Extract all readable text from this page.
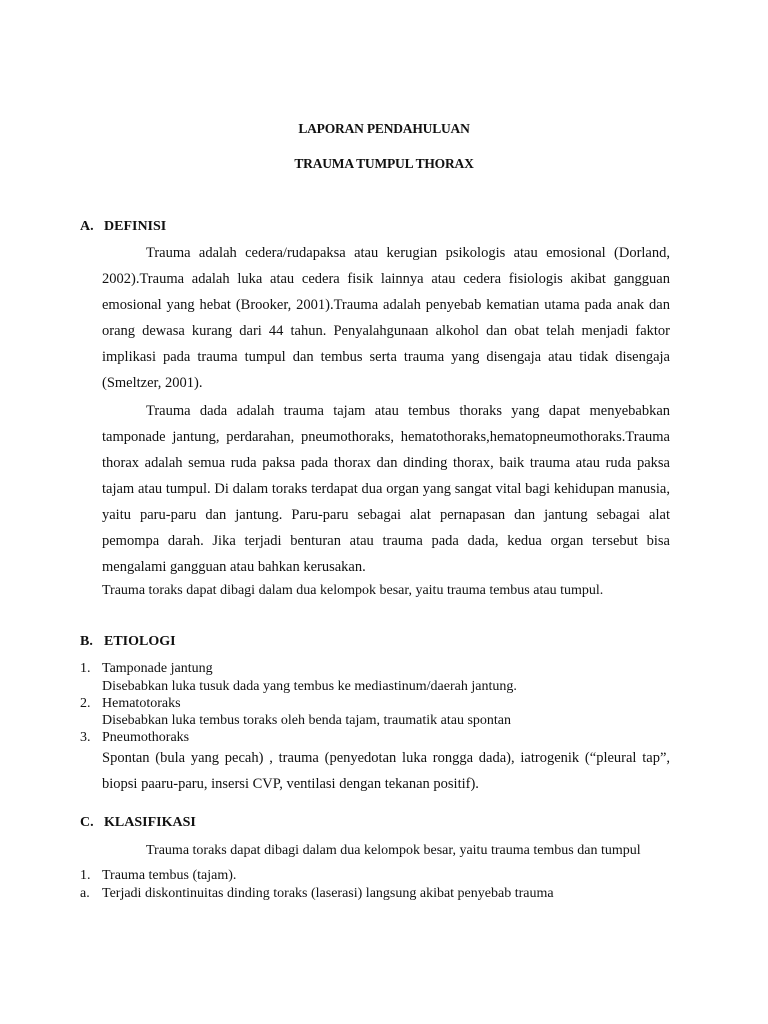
LAPORAN PENDAHULUAN
TRAUMA TUMPUL THORAX
A. DEFINISI
Trauma adalah cedera/rudapaksa atau kerugian psikologis atau emosional (Dorland, 2002).Trauma adalah luka atau cedera fisik lainnya atau cedera fisiologis akibat gangguan emosional yang hebat (Brooker, 2001).Trauma adalah penyebab kematian utama pada anak dan orang dewasa kurang dari 44 tahun. Penyalahgunaan alkohol dan obat telah menjadi faktor implikasi pada trauma tumpul dan tembus serta trauma yang disengaja atau tidak disengaja (Smeltzer, 2001).
Trauma dada adalah trauma tajam atau tembus thoraks yang dapat menyebabkan tamponade jantung, perdarahan, pneumothoraks, hematothoraks,hematopneumothoraks.Trauma thorax adalah semua ruda paksa pada thorax dan dinding thorax, baik trauma atau ruda paksa tajam atau tumpul. Di dalam toraks terdapat dua organ yang sangat vital bagi kehidupan manusia, yaitu paru-paru dan jantung. Paru-paru sebagai alat pernapasan dan jantung sebagai alat pemompa darah. Jika terjadi benturan atau trauma pada dada, kedua organ tersebut bisa mengalami gangguan atau bahkan kerusakan.
Trauma toraks dapat dibagi dalam dua kelompok besar, yaitu trauma tembus atau tumpul.
B. ETIOLOGI
1. Tamponade jantung
Disebabkan luka tusuk dada yang tembus ke mediastinum/daerah jantung.
2. Hematotoraks
Disebabkan luka tembus toraks oleh benda tajam, traumatik atau spontan
3. Pneumothoraks
Spontan (bula yang pecah) , trauma (penyedotan luka rongga dada), iatrogenik (“pleural tap”, biopsi paaru-paru, insersi CVP, ventilasi dengan tekanan positif).
C. KLASIFIKASI
Trauma toraks dapat dibagi dalam dua kelompok besar, yaitu trauma tembus dan tumpul
1. Trauma tembus (tajam).
a. Terjadi diskontinuitas dinding toraks (laserasi) langsung akibat penyebab trauma
